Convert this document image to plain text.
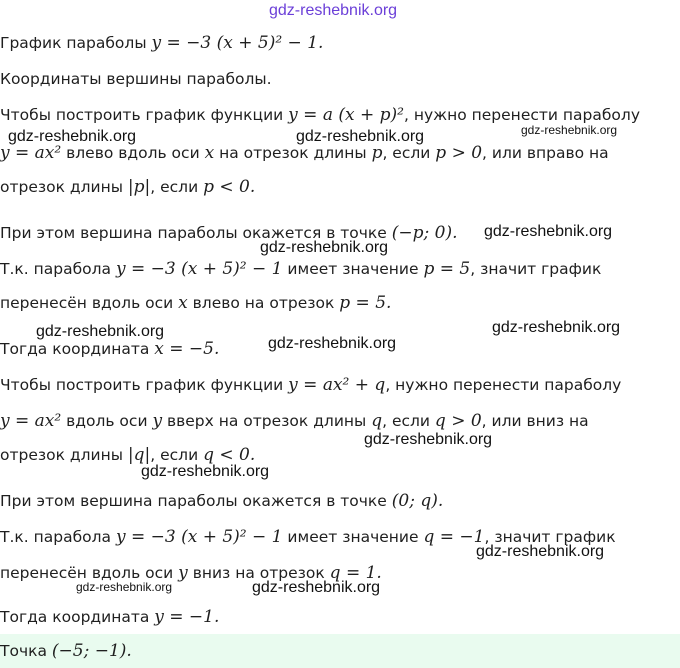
gdz-reshebnik.org
График параболы y = −3 (x + 5)² − 1.
Координаты вершины параболы.
Чтобы построить график функции y = a (x + p)², нужно перенести параболу
gdz-reshebnik.org	gdz-reshebnik.org	gdz-reshebnik.org
y = ax² влево вдоль оси x на отрезок длины p, если p > 0, или вправо на
отрезок длины |p|, если p < 0.
При этом вершина параболы окажется в точке (−p; 0). gdz-reshebnik.org
gdz-reshebnik.org
Т.к. парабола y = −3 (x + 5)² − 1 имеет значение p = 5, значит график
перенесён вдоль оси x влево на отрезок p = 5.
gdz-reshebnik.org	gdz-reshebnik.org
Тогда координата x = −5.	gdz-reshebnik.org
Чтобы построить график функции y = ax² + q, нужно перенести параболу
y = ax² вдоль оси y вверх на отрезок длины q, если q > 0, или вниз на
gdz-reshebnik.org
отрезок длины |q|, если q < 0.
gdz-reshebnik.org
При этом вершина параболы окажется в точке (0; q).
Т.к. парабола y = −3 (x + 5)² − 1 имеет значение q = −1, значит график
gdz-reshebnik.org
перенесён вдоль оси y вниз на отрезок q = 1.
gdz-reshebnik.org	gdz-reshebnik.org
Тогда координата y = −1.
Точка (−5; −1).
